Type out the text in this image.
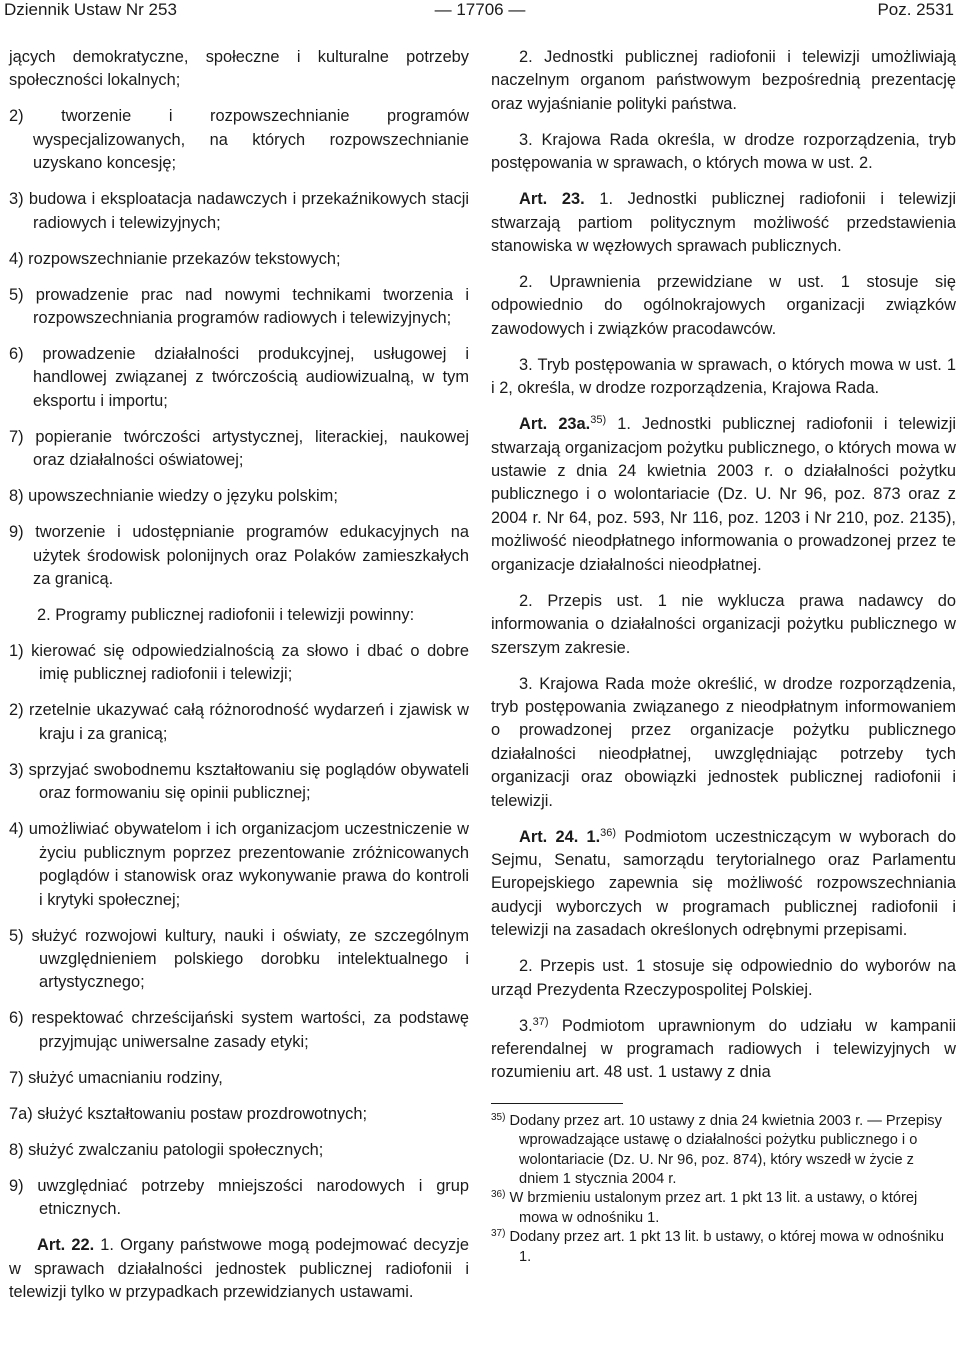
Dziennik Ustaw Nr 253	— 17706 —	Poz. 2531

jących demokratyczne, społeczne i kulturalne potrzeby społeczności lokalnych;

2) tworzenie i rozpowszechnianie programów wyspecjalizowanych, na których rozpowszechnianie uzyskano koncesję;

3) budowa i eksploatacja nadawczych i przekaźnikowych stacji radiowych i telewizyjnych;

4) rozpowszechnianie przekazów tekstowych;

5) prowadzenie prac nad nowymi technikami tworzenia i rozpowszechniania programów radiowych i telewizyjnych;

6) prowadzenie działalności produkcyjnej, usługowej i handlowej związanej z twórczością audiowizualną, w tym eksportu i importu;

7) popieranie twórczości artystycznej, literackiej, naukowej oraz działalności oświatowej;

8) upowszechnianie wiedzy o języku polskim;

9) tworzenie i udostępnianie programów edukacyjnych na użytek środowisk polonijnych oraz Polaków zamieszkałych za granicą.

2. Programy publicznej radiofonii i telewizji powinny:

1) kierować się odpowiedzialnością za słowo i dbać o dobre imię publicznej radiofonii i telewizji;

2) rzetelnie ukazywać całą różnorodność wydarzeń i zjawisk w kraju i za granicą;

3) sprzyjać swobodnemu kształtowaniu się poglądów obywateli oraz formowaniu się opinii publicznej;

4) umożliwiać obywatelom i ich organizacjom uczestniczenie w życiu publicznym poprzez prezentowanie zróżnicowanych poglądów i stanowisk oraz wykonywanie prawa do kontroli i krytyki społecznej;

5) służyć rozwojowi kultury, nauki i oświaty, ze szczególnym uwzględnieniem polskiego dorobku intelektualnego i artystycznego;

6) respektować chrześcijański system wartości, za podstawę przyjmując uniwersalne zasady etyki;

7) służyć umacnianiu rodziny,

7a) służyć kształtowaniu postaw prozdrowotnych;

8) służyć zwalczaniu patologii społecznych;

9) uwzględniać potrzeby mniejszości narodowych i grup etnicznych.

Art. 22. 1. Organy państwowe mogą podejmować decyzje w sprawach działalności jednostek publicznej radiofonii i telewizji tylko w przypadkach przewidzianych ustawami.

2. Jednostki publicznej radiofonii i telewizji umożliwiają naczelnym organom państwowym bezpośrednią prezentację oraz wyjaśnianie polityki państwa.

3. Krajowa Rada określa, w drodze rozporządzenia, tryb postępowania w sprawach, o których mowa w ust. 2.

Art. 23. 1. Jednostki publicznej radiofonii i telewizji stwarzają partiom politycznym możliwość przedstawienia stanowiska w węzłowych sprawach publicznych.

2. Uprawnienia przewidziane w ust. 1 stosuje się odpowiednio do ogólnokrajowych organizacji związków zawodowych i związków pracodawców.

3. Tryb postępowania w sprawach, o których mowa w ust. 1 i 2, określa, w drodze rozporządzenia, Krajowa Rada.

Art. 23a.$^{35)}$ 1. Jednostki publicznej radiofonii i telewizji stwarzają organizacjom pożytku publicznego, o których mowa w ustawie z dnia 24 kwietnia 2003 r. o działalności pożytku publicznego i o wolontariacie (Dz. U. Nr 96, poz. 873 oraz z 2004 r. Nr 64, poz. 593, Nr 116, poz. 1203 i Nr 210, poz. 2135), możliwość nieodpłatnego informowania o prowadzonej przez te organizacje działalności nieodpłatnej.

2. Przepis ust. 1 nie wyklucza prawa nadawcy do informowania o działalności organizacji pożytku publicznego w szerszym zakresie.

3. Krajowa Rada może określić, w drodze rozporządzenia, tryb postępowania związanego z nieodpłatnym informowaniem o prowadzonej przez organizacje pożytku publicznego działalności nieodpłatnej, uwzględniając potrzeby tych organizacji oraz obowiązki jednostek publicznej radiofonii i telewizji.

Art. 24. 1.$^{36)}$ Podmiotom uczestniczącym w wyborach do Sejmu, Senatu, samorządu terytorialnego oraz Parlamentu Europejskiego zapewnia się możliwość rozpowszechniania audycji wyborczych w programach publicznej radiofonii i telewizji na zasadach określonych odrębnymi przepisami.

2. Przepis ust. 1 stosuje się odpowiednio do wyborów na urząd Prezydenta Rzeczypospolitej Polskiej.

3.$^{37)}$ Podmiotom uprawnionym do udziału w kampanii referendalnej w programach radiowych i telewizyjnych w rozumieniu art. 48 ust. 1 ustawy z dnia

$^{35)}$ Dodany przez art. 10 ustawy z dnia 24 kwietnia 2003 r. — Przepisy wprowadzające ustawę o działalności pożytku publicznego i o wolontariacie (Dz. U. Nr 96, poz. 874), który wszedł w życie z dniem 1 stycznia 2004 r.

$^{36)}$ W brzmieniu ustalonym przez art. 1 pkt 13 lit. a ustawy, o której mowa w odnośniku 1.

$^{37)}$ Dodany przez art. 1 pkt 13 lit. b ustawy, o której mowa w odnośniku 1.
